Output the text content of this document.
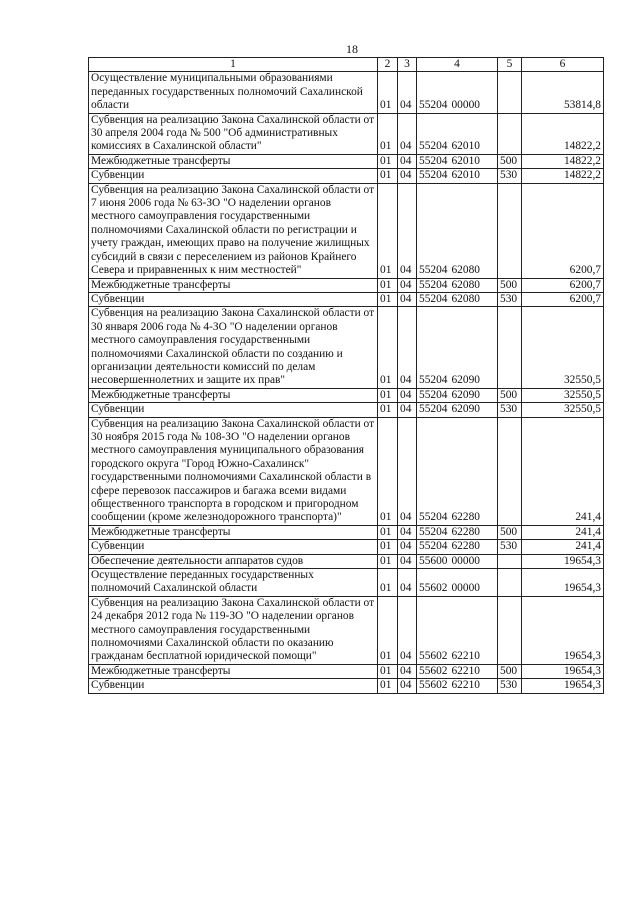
18
1	2	3	4	5	6
Осуществление муниципальными образованиями переданных государственных полномочий Сахалинской области	01	04	55204 00000		53814,8
Субвенция на реализацию Закона Сахалинской области от 30 апреля 2004 года № 500 "Об административных комиссиях в Сахалинской области"	01	04	55204 62010		14822,2
Межбюджетные трансферты	01	04	55204 62010	500	14822,2
Субвенции	01	04	55204 62010	530	14822,2
Субвенция на реализацию Закона Сахалинской области от 7 июня 2006 года № 63-ЗО "О наделении органов местного самоуправления государственными полномочиями Сахалинской области по регистрации и учету граждан, имеющих право на получение жилищных субсидий в связи с переселением из районов Крайнего Севера и приравненных к ним местностей"	01	04	55204 62080		6200,7
Межбюджетные трансферты	01	04	55204 62080	500	6200,7
Субвенции	01	04	55204 62080	530	6200,7
Субвенция на реализацию Закона Сахалинской области от 30 января 2006 года № 4-ЗО "О наделении органов местного самоуправления государственными полномочиями Сахалинской области по созданию и организации деятельности комиссий по делам несовершеннолетних и защите их прав"	01	04	55204 62090		32550,5
Межбюджетные трансферты	01	04	55204 62090	500	32550,5
Субвенции	01	04	55204 62090	530	32550,5
Субвенция на реализацию Закона Сахалинской области от 30 ноября 2015 года № 108-ЗО "О наделении органов местного самоуправления муниципального образования городского округа "Город Южно-Сахалинск" государственными полномочиями Сахалинской области в сфере перевозок пассажиров и багажа всеми видами общественного транспорта в городском и пригородном сообщении (кроме железнодорожного транспорта)"	01	04	55204 62280		241,4
Межбюджетные трансферты	01	04	55204 62280	500	241,4
Субвенции	01	04	55204 62280	530	241,4
Обеспечение деятельности аппаратов судов	01	04	55600 00000		19654,3
Осуществление переданных государственных полномочий Сахалинской области	01	04	55602 00000		19654,3
Субвенция на реализацию Закона Сахалинской области от 24 декабря 2012 года № 119-ЗО "О наделении органов местного самоуправления государственными полномочиями Сахалинской области по оказанию гражданам бесплатной юридической помощи"	01	04	55602 62210		19654,3
Межбюджетные трансферты	01	04	55602 62210	500	19654,3
Субвенции	01	04	55602 62210	530	19654,3
